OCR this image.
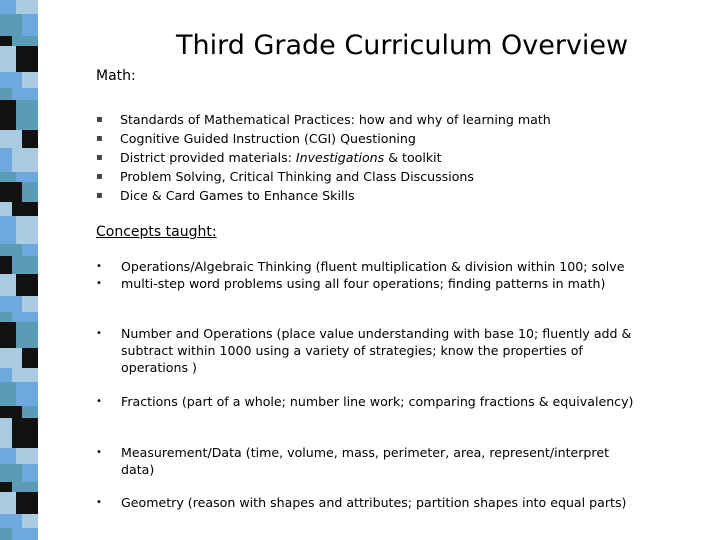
Third Grade Curriculum Overview
Math:
▪ Standards of Mathematical Practices: how and why of learning math
▪ Cognitive Guided Instruction (CGI) Questioning
▪ District provided materials: Investigations & toolkit
▪ Problem Solving, Critical Thinking and Class Discussions
▪ Dice & Card Games to Enhance Skills
Concepts taught:
•
•
Operations/Algebraic Thinking (fluent multiplication & division within 100; solve multi-step word problems using all four operations; finding patterns in math)
• Number and Operations (place value understanding with base 10; fluently add & subtract within 1000 using a variety of strategies; know the properties of operations )
• Fractions (part of a whole; number line work; comparing fractions & equivalency)
• Measurement/Data (time, volume, mass, perimeter, area, represent/interpret data)
• Geometry (reason with shapes and attributes; partition shapes into equal parts)
